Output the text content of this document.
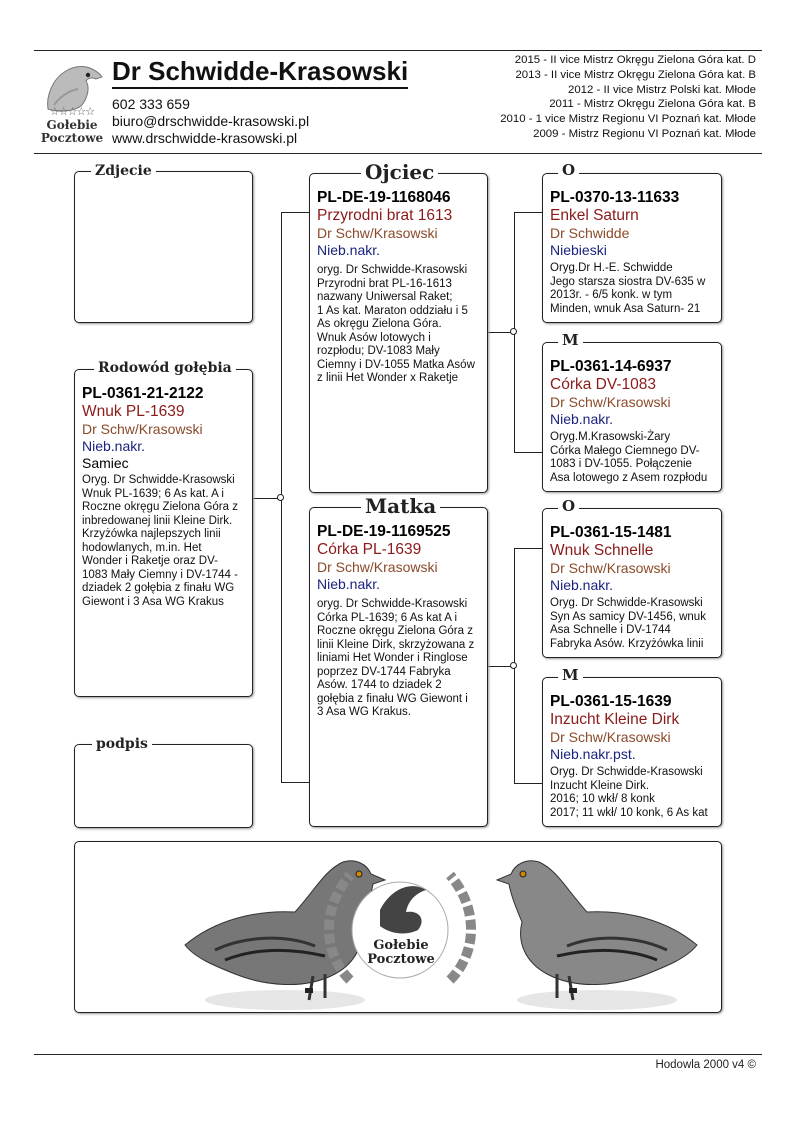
☆☆☆☆☆
Gołebie
Pocztowe
Dr Schwidde-Krasowski
602 333 659
biuro@drschwidde-krasowski.pl
www.drschwidde-krasowski.pl
2015 - II vice Mistrz Okręgu Zielona Góra kat. D
2013 - II vice Mistrz Okręgu Zielona Góra kat. B
2012 - II vice Mistrz Polski kat. Młode
2011 - Mistrz Okręgu Zielona Góra kat. B
2010 - 1 vice Mistrz Regionu VI Poznań kat. Młode
2009 - Mistrz Regionu VI Poznań kat. Młode
Zdjecie
PL-0361-21-2122
Wnuk PL-1639
Dr Schw/Krasowski
Nieb.nakr.
Samiec
Oryg. Dr Schwidde-Krasowski
Wnuk PL-1639; 6 As kat. A i
Roczne okręgu Zielona Góra z
inbredowanej linii Kleine Dirk.
Krzyżówka najlepszych linii
hodowlanych, m.in. Het
Wonder i Raketje oraz DV-
1083 Mały Ciemny i DV-1744 -
dziadek 2 gołębia z finału WG
Giewont i 3 Asa WG Krakus
Rodowód gołębia
podpis
PL-DE-19-1168046
Przyrodni brat 1613
Dr Schw/Krasowski
Nieb.nakr.
oryg. Dr Schwidde-Krasowski
Przyrodni brat PL-16-1613
nazwany Uniwersal Raket;
1 As kat. Maraton oddziału i 5
As okręgu Zielona Góra.
Wnuk Asów lotowych i
rozpłodu; DV-1083 Mały
Ciemny i DV-1055 Matka Asów
z linii Het Wonder x Raketje
Ojciec
PL-DE-19-1169525
Córka PL-1639
Dr Schw/Krasowski
Nieb.nakr.
oryg. Dr Schwidde-Krasowski
Córka PL-1639; 6 As kat A i
Roczne okręgu Zielona Góra z
linii Kleine Dirk, skrzyżowana z
liniami Het Wonder i Ringlose
poprzez DV-1744 Fabryka
Asów. 1744 to dziadek 2
gołębia z finału WG Giewont i
3 Asa WG Krakus.
Matka
PL-0370-13-11633
Enkel Saturn
Dr Schwidde
Niebieski
Oryg.Dr H.-E. Schwidde
Jego starsza siostra DV-635 w
2013r. - 6/5 konk. w tym
Minden, wnuk Asa Saturn- 21
O
PL-0361-14-6937
Córka DV-1083
Dr Schw/Krasowski
Nieb.nakr.
Oryg.M.Krasowski-Żary
Córka Małego Ciemnego DV-
1083 i DV-1055. Połączenie
Asa lotowego z Asem rozpłodu
M
PL-0361-15-1481
Wnuk Schnelle
Dr Schw/Krasowski
Nieb.nakr.
Oryg. Dr Schwidde-Krasowski
Syn As samicy DV-1456, wnuk
Asa Schnelle i DV-1744
Fabryka Asów. Krzyżówka linii
O
PL-0361-15-1639
Inzucht Kleine Dirk
Dr Schw/Krasowski
Nieb.nakr.pst.
Oryg. Dr Schwidde-Krasowski
Inzucht Kleine Dirk.
2016; 10 wkł/ 8 konk
2017; 11 wkł/ 10 konk, 6 As kat
M
Gołebie
Pocztowe
Hodowla 2000 v4 ©
